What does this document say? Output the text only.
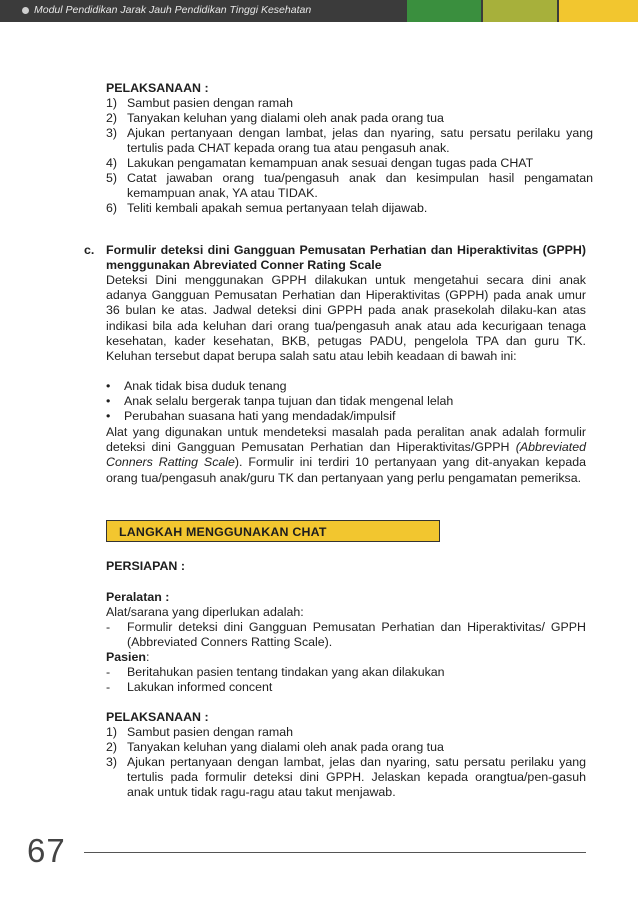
Modul Pendidikan Jarak Jauh Pendidikan Tinggi Kesehatan
PELAKSANAAN :
1) Sambut pasien dengan ramah
2) Tanyakan keluhan yang dialami oleh anak pada orang tua
3) Ajukan pertanyaan dengan lambat, jelas dan nyaring, satu persatu perilaku yang tertulis pada CHAT kepada orang tua atau pengasuh anak.
4) Lakukan pengamatan kemampuan anak sesuai dengan tugas pada CHAT
5) Catat jawaban orang tua/pengasuh anak dan kesimpulan hasil pengamatan kemampuan anak, YA atau TIDAK.
6) Teliti kembali apakah semua pertanyaan telah dijawab.
c. Formulir deteksi dini Gangguan Pemusatan Perhatian dan Hiperaktivitas (GPPH) menggunakan Abreviated Conner Rating Scale
Deteksi Dini menggunakan GPPH dilakukan untuk mengetahui secara dini anak adanya Gangguan Pemusatan Perhatian dan Hiperaktivitas (GPPH) pada anak umur 36 bulan ke atas. Jadwal deteksi dini GPPH pada anak prasekolah dilaku-kan atas indikasi bila ada keluhan dari orang tua/pengasuh anak atau ada kecurigaan tenaga kesehatan, kader kesehatan, BKB, petugas PADU, pengelola TPA dan guru TK. Keluhan tersebut dapat berupa salah satu atau lebih keadaan di bawah ini:
• Anak tidak bisa duduk tenang
• Anak selalu bergerak tanpa tujuan dan tidak mengenal lelah
• Perubahan suasana hati yang mendadak/impulsif
Alat yang digunakan untuk mendeteksi masalah pada peralitan anak adalah formulir deteksi dini Gangguan Pemusatan Perhatian dan Hiperaktivitas/GPPH (Abbreviated Conners Ratting Scale). Formulir ini terdiri 10 pertanyaan yang dit-anyakan kepada orang tua/pengasuh anak/guru TK dan pertanyaan yang perlu pengamatan pemeriksa.
LANGKAH MENGGUNAKAN CHAT
PERSIAPAN :
Peralatan :
Alat/sarana yang diperlukan adalah:
- Formulir deteksi dini Gangguan Pemusatan Perhatian dan Hiperaktivitas/ GPPH (Abbreviated Conners Ratting Scale).
Pasien:
- Beritahukan pasien tentang tindakan yang akan dilakukan
- Lakukan informed concent
PELAKSANAAN :
1) Sambut pasien dengan ramah
2) Tanyakan keluhan yang dialami oleh anak pada orang tua
3) Ajukan pertanyaan dengan lambat, jelas dan nyaring, satu persatu perilaku yang tertulis pada formulir deteksi dini GPPH. Jelaskan kepada orangtua/pen-gasuh anak untuk tidak ragu-ragu atau takut menjawab.
67
